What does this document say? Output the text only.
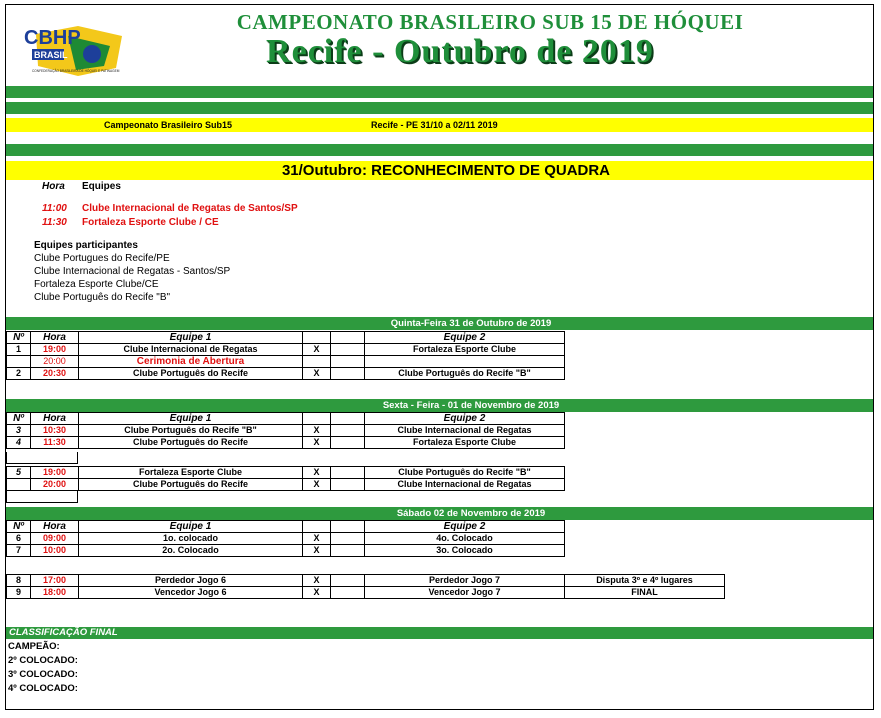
CBHP
BRASIL
CONFEDERAÇÃO BRASILEIRA DE HÓQUEI E PATINAGEM
CAMPEONATO BRASILEIRO SUB 15 DE HÓQUEI
Recife - Outubro de 2019
Campeonato Brasileiro Sub15	Recife - PE 31/10 a 02/11 2019
31/Outubro: RECONHECIMENTO DE QUADRA
Hora Equipes
11:00 Clube Internacional de Regatas de Santos/SP
11:30 Fortaleza Esporte Clube / CE
Equipes participantes
Clube Portugues do Recife/PE
Clube Internacional de Regatas - Santos/SP
Fortaleza Esporte Clube/CE
Clube Português do Recife "B"
Quinta-Feira 31 de Outubro de 2019
Nº	Hora	Equipe 1			Equipe 2
1	19:00	Clube Internacional de Regatas	X		Fortaleza Esporte Clube
	20:00	Cerimonia de Abertura			
2	20:30	Clube Português do Recife	X		Clube Português do Recife "B"
Sexta - Feira - 01 de Novembro de 2019
Nº	Hora	Equipe 1			Equipe 2
3	10:30	Clube Português do Recife "B"	X		Clube Internacional de Regatas
4	11:30	Clube Português do Recife	X		Fortaleza Esporte Clube
5	19:00	Fortaleza Esporte Clube	X		Clube Português do Recife "B"
	20:00	Clube Português do Recife	X		Clube Internacional de Regatas
Sábado 02 de Novembro de 2019
Nº	Hora	Equipe 1			Equipe 2
6	09:00	1o. colocado	X		4o. Colocado
7	10:00	2o. Colocado	X		3o. Colocado
8	17:00	Perdedor Jogo 6	X		Perdedor Jogo 7	Disputa 3º e 4º lugares
9	18:00	Vencedor Jogo 6	X		Vencedor Jogo 7	FINAL
CLASSIFICAÇÃO FINAL
CAMPEÃO:
2º COLOCADO:
3º COLOCADO:
4º COLOCADO:
